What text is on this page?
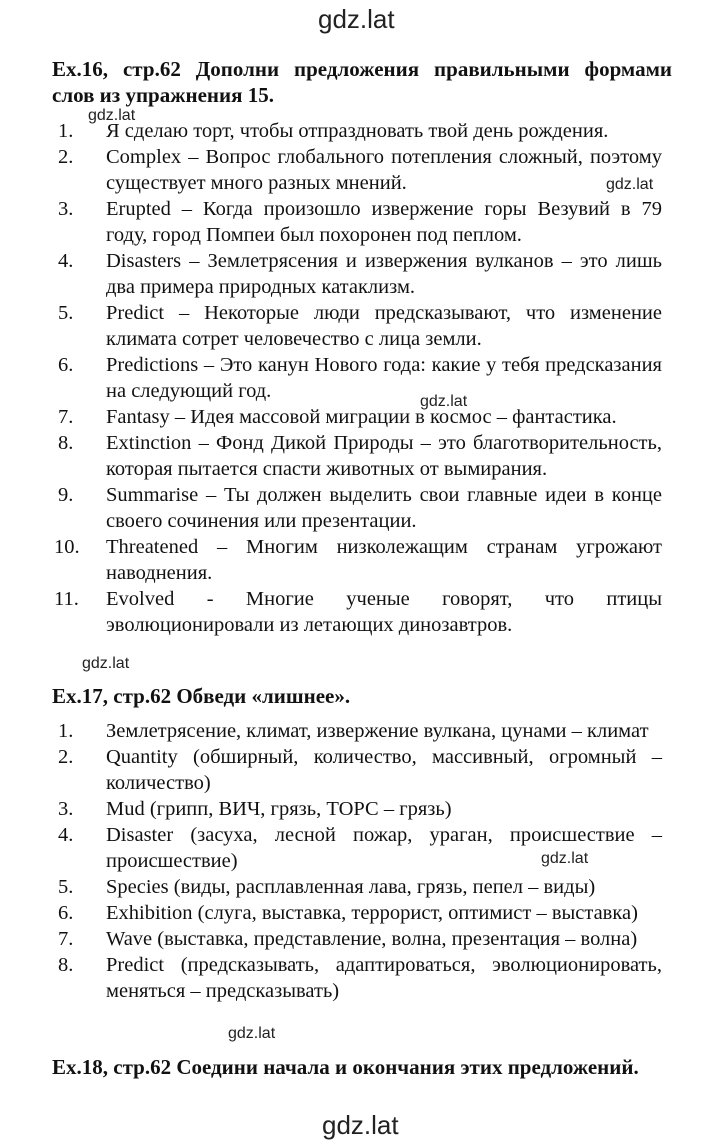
gdz.lat
Ex.16, стр.62 Дополни предложения правильными формами
слов из упражнения 15.
gdz.lat
1.	Я сделаю торт, чтобы отпраздновать твой день рождения.
2.	Complex – Вопрос глобального потепления сложный, поэтому существует много разных мнений.
3.	Erupted – Когда произошло извержение горы Везувий в 79 году, город Помпеи был похоронен под пеплом.
4.	Disasters – Землетрясения и извержения вулканов – это лишь два примера природных катаклизм.
5.	Predict – Некоторые люди предсказывают, что изменение климата сотрет человечество с лица земли.
6.	Predictions – Это канун Нового года: какие у тебя предсказания на следующий год.
7.	Fantasy – Идея массовой миграции в космос – фантастика.
8.	Extinction – Фонд Дикой Природы – это благотворительность, которая пытается спасти животных от вымирания.
9.	Summarise – Ты должен выделить свои главные идеи в конце своего сочинения или презентации.
10.	Threatened – Многим низколежащим странам угрожают наводнения.
11.	Evolved - Многие ученые говорят, что птицы эволюционировали из летающих динозавтров.
gdz.lat
gdz.lat
gdz.lat
Ex.17, стр.62 Обведи «лишнее».
1.	Землетрясение, климат, извержение вулкана, цунами – климат
2.	Quantity (обширный, количество, массивный, огромный – количество)
3.	Mud (грипп, ВИЧ, грязь, ТОРС – грязь)
4.	Disaster (засуха, лесной пожар, ураган, происшествие – происшествие)
5.	Species (виды, расплавленная лава, грязь, пепел – виды)
6.	Exhibition (слуга, выставка, террорист, оптимист – выставка)
7.	Wave (выставка, представление, волна, презентация – волна)
8.	Predict (предсказывать, адаптироваться, эволюционировать, меняться – предсказывать)
gdz.lat
gdz.lat
Ex.18, стр.62 Соедини начала и окончания этих предложений.
gdz.lat
